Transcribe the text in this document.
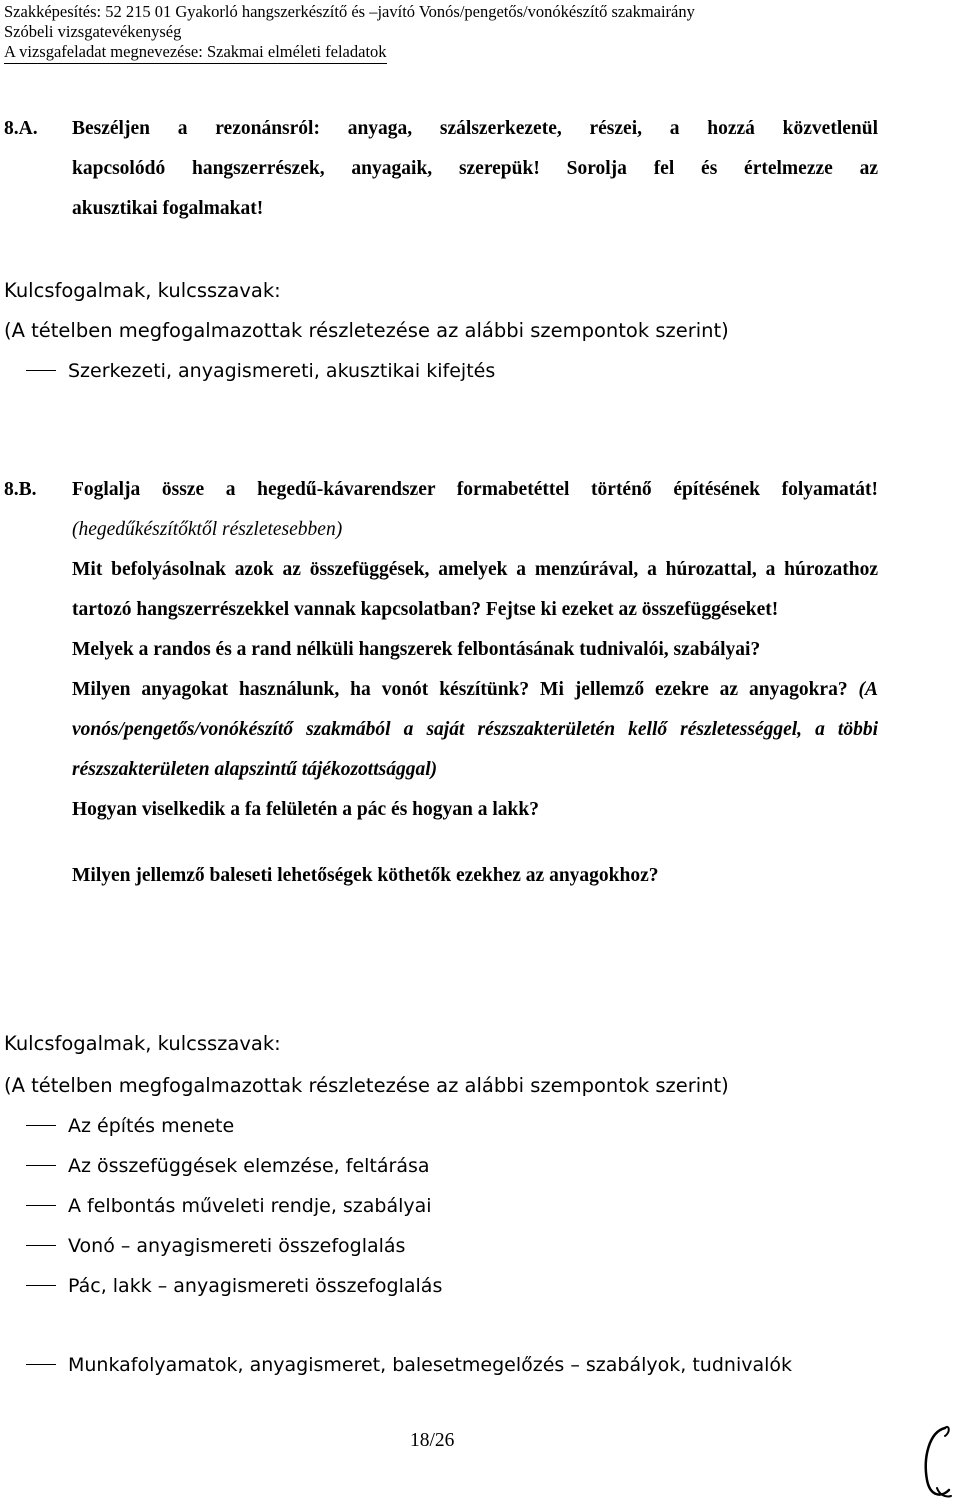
Szakképesítés: 52 215 01 Gyakorló hangszerkészítő és –javító Vonós/pengetős/vonókészítő szakmairány
Szóbeli vizsgatevékenység
A vizsgafeladat megnevezése: Szakmai elméleti feladatok
8.A. Beszéljen a rezonánsról: anyaga, szálszerkezete, részei, a hozzá közvetlenül
kapcsolódó hangszerrészek, anyagaik, szerepük! Sorolja fel és értelmezze az
akusztikai fogalmakat!
Kulcsfogalmak, kulcsszavak:
(A tételben megfogalmazottak részletezése az alábbi szempontok szerint)
Szerkezeti, anyagismereti, akusztikai kifejtés
8.B. Foglalja össze a hegedű-kávarendszer formabetéttel történő építésének folyamatát! (hegedűkészítőktől részletesebben)
Mit befolyásolnak azok az összefüggések, amelyek a menzúrával, a húrozattal, a húrozathoz tartozó hangszerrészekkel vannak kapcsolatban? Fejtse ki ezeket az összefüggéseket!
Melyek a randos és a rand nélküli hangszerek felbontásának tudnivalói, szabályai?
Milyen anyagokat használunk, ha vonót készítünk? Mi jellemző ezekre az anyagokra? (A vonós/pengetős/vonókészítő szakmából a saját részszakterületén kellő részletességgel, a többi részszakterületen alapszintű tájékozottsággal)
Hogyan viselkedik a fa felületén a pác és hogyan a lakk?
Milyen jellemző baleseti lehetőségek köthetők ezekhez az anyagokhoz?
Kulcsfogalmak, kulcsszavak:
(A tételben megfogalmazottak részletezése az alábbi szempontok szerint)
Az építés menete
Az összefüggések elemzése, feltárása
A felbontás műveleti rendje, szabályai
Vonó – anyagismereti összefoglalás
Pác, lakk – anyagismereti összefoglalás
Munkafolyamatok, anyagismeret, balesetmegelőzés – szabályok, tudnivalók
18/26
